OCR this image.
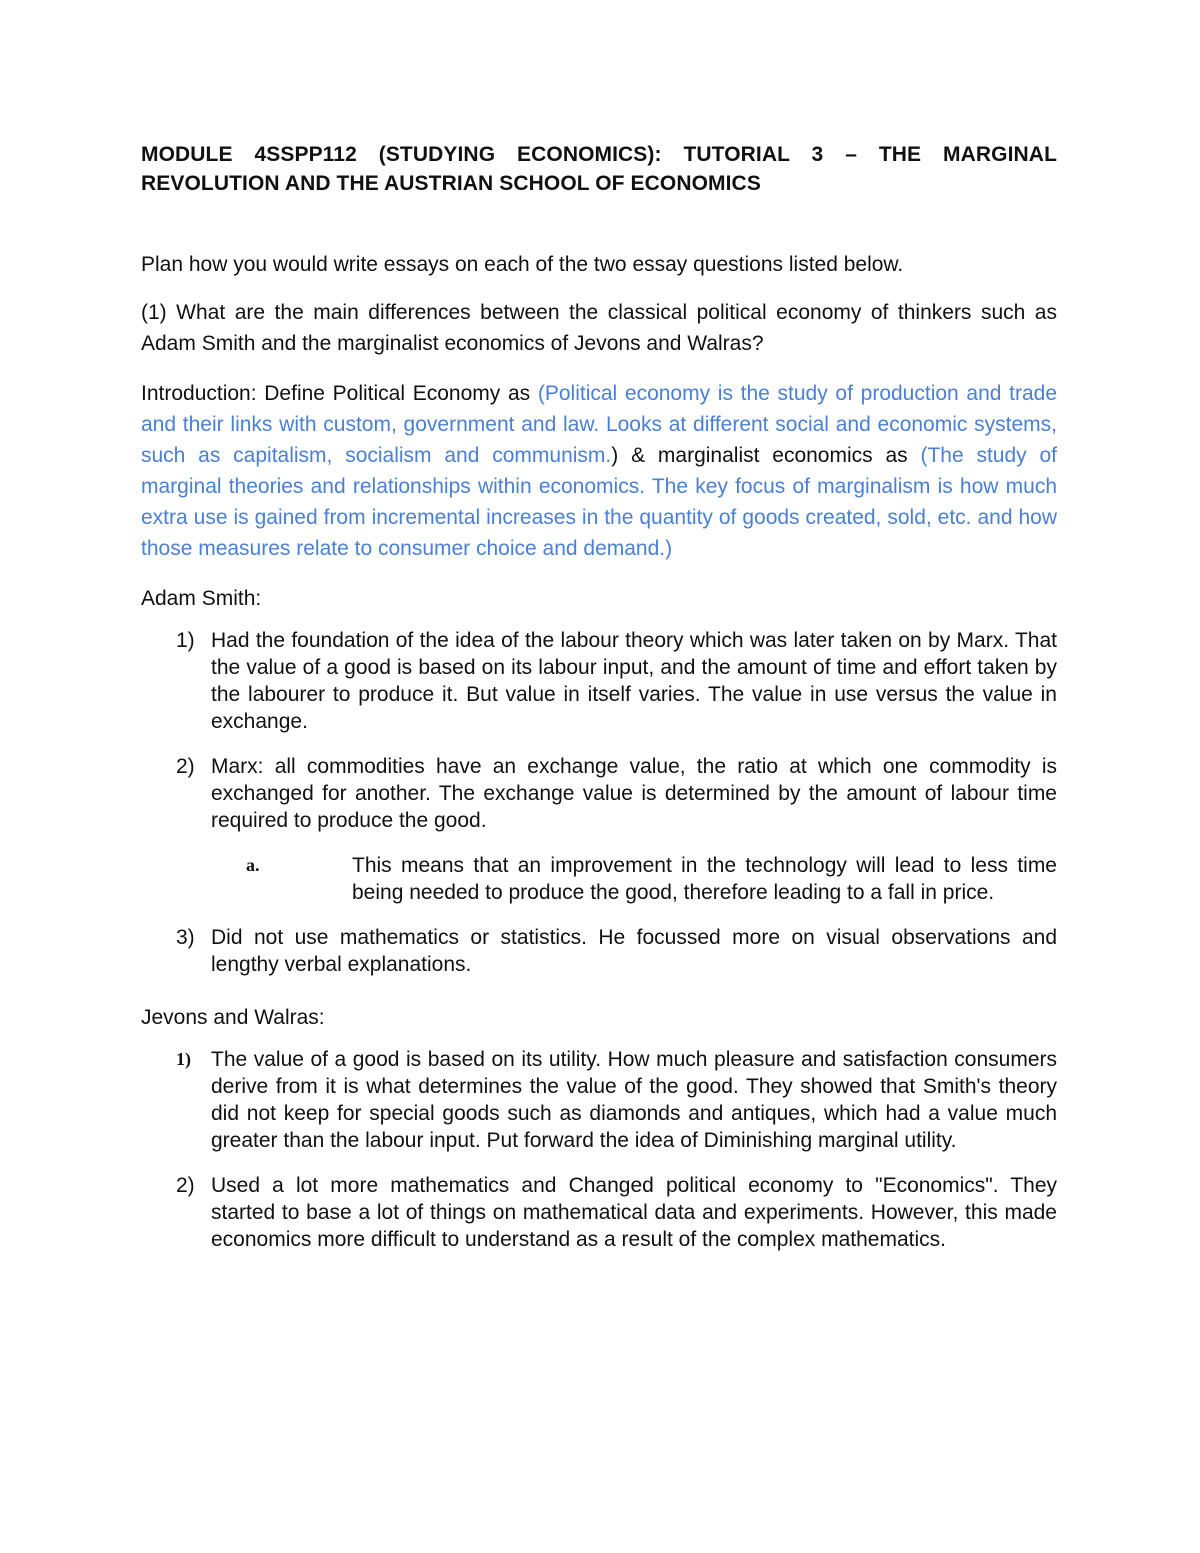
MODULE 4SSPP112 (STUDYING ECONOMICS): TUTORIAL 3 – THE MARGINAL REVOLUTION AND THE AUSTRIAN SCHOOL OF ECONOMICS

Plan how you would write essays on each of the two essay questions listed below.

(1) What are the main differences between the classical political economy of thinkers such as Adam Smith and the marginalist economics of Jevons and Walras?

Introduction: Define Political Economy as (Political economy is the study of production and trade and their links with custom, government and law. Looks at different social and economic systems, such as capitalism, socialism and communism.) & marginalist economics as (The study of marginal theories and relationships within economics. The key focus of marginalism is how much extra use is gained from incremental increases in the quantity of goods created, sold, etc. and how those measures relate to consumer choice and demand.)

Adam Smith:

1) Had the foundation of the idea of the labour theory which was later taken on by Marx. That the value of a good is based on its labour input, and the amount of time and effort taken by the labourer to produce it. But value in itself varies. The value in use versus the value in exchange.
2) Marx: all commodities have an exchange value, the ratio at which one commodity is exchanged for another. The exchange value is determined by the amount of labour time required to produce the good.
a.	This means that an improvement in the technology will lead to less time being needed to produce the good, therefore leading to a fall in price.
3) Did not use mathematics or statistics. He focussed more on visual observations and lengthy verbal explanations.

Jevons and Walras:

1) The value of a good is based on its utility. How much pleasure and satisfaction consumers derive from it is what determines the value of the good. They showed that Smith's theory did not keep for special goods such as diamonds and antiques, which had a value much greater than the labour input. Put forward the idea of Diminishing marginal utility.
2) Used a lot more mathematics and Changed political economy to "Economics". They started to base a lot of things on mathematical data and experiments. However, this made economics more difficult to understand as a result of the complex mathematics.
